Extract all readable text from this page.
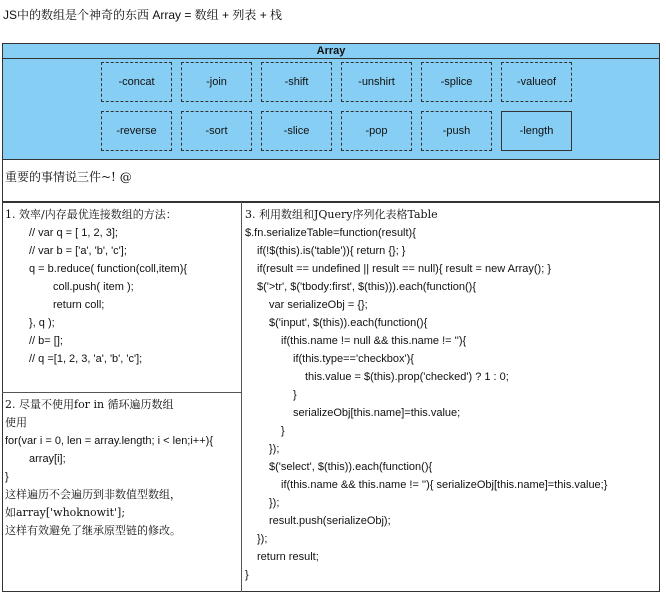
JS中的数组是个神奇的东西 Array = 数组 + 列表 + 栈
Array
-concat	-join	-shift	-unshirt	-splice	-valueof
-reverse	-sort	-slice	-pop	-push	-length
重要的事情说三件~! @
1. 效率/内存最优连接数组的方法：
// var q = [ 1, 2, 3];
// var b = ['a', 'b', 'c'];
q = b.reduce( function(coll,item){
coll.push( item );
return coll;
}, q );
// b= [];
// q =[1, 2, 3, 'a', 'b', 'c'];
2. 尽量不使用for in 循环遍历数组
使用
for(var i = 0, len = array.length; i < len;i++){
array[i];
}
这样遍历不会遍历到非数值型数组，
如array['whoknowit'];
这样有效避免了继承原型链的修改。
3. 利用数组和JQuery序列化表格Table
$.fn.serializeTable=function(result){
if(!$(this).is('table')){ return {}; }
if(result == undefined || result == null){ result = new Array(); }
$('>tr', $('tbody:first', $(this))).each(function(){
var serializeObj = {};
$('input', $(this)).each(function(){
if(this.name != null && this.name != ''){
if(this.type=='checkbox'){
this.value = $(this).prop('checked') ? 1 : 0;
}
serializeObj[this.name]=this.value;
}
});
$('select', $(this)).each(function(){
if(this.name && this.name != ''){ serializeObj[this.name]=this.value;}
});
result.push(serializeObj);
});
return result;
}
